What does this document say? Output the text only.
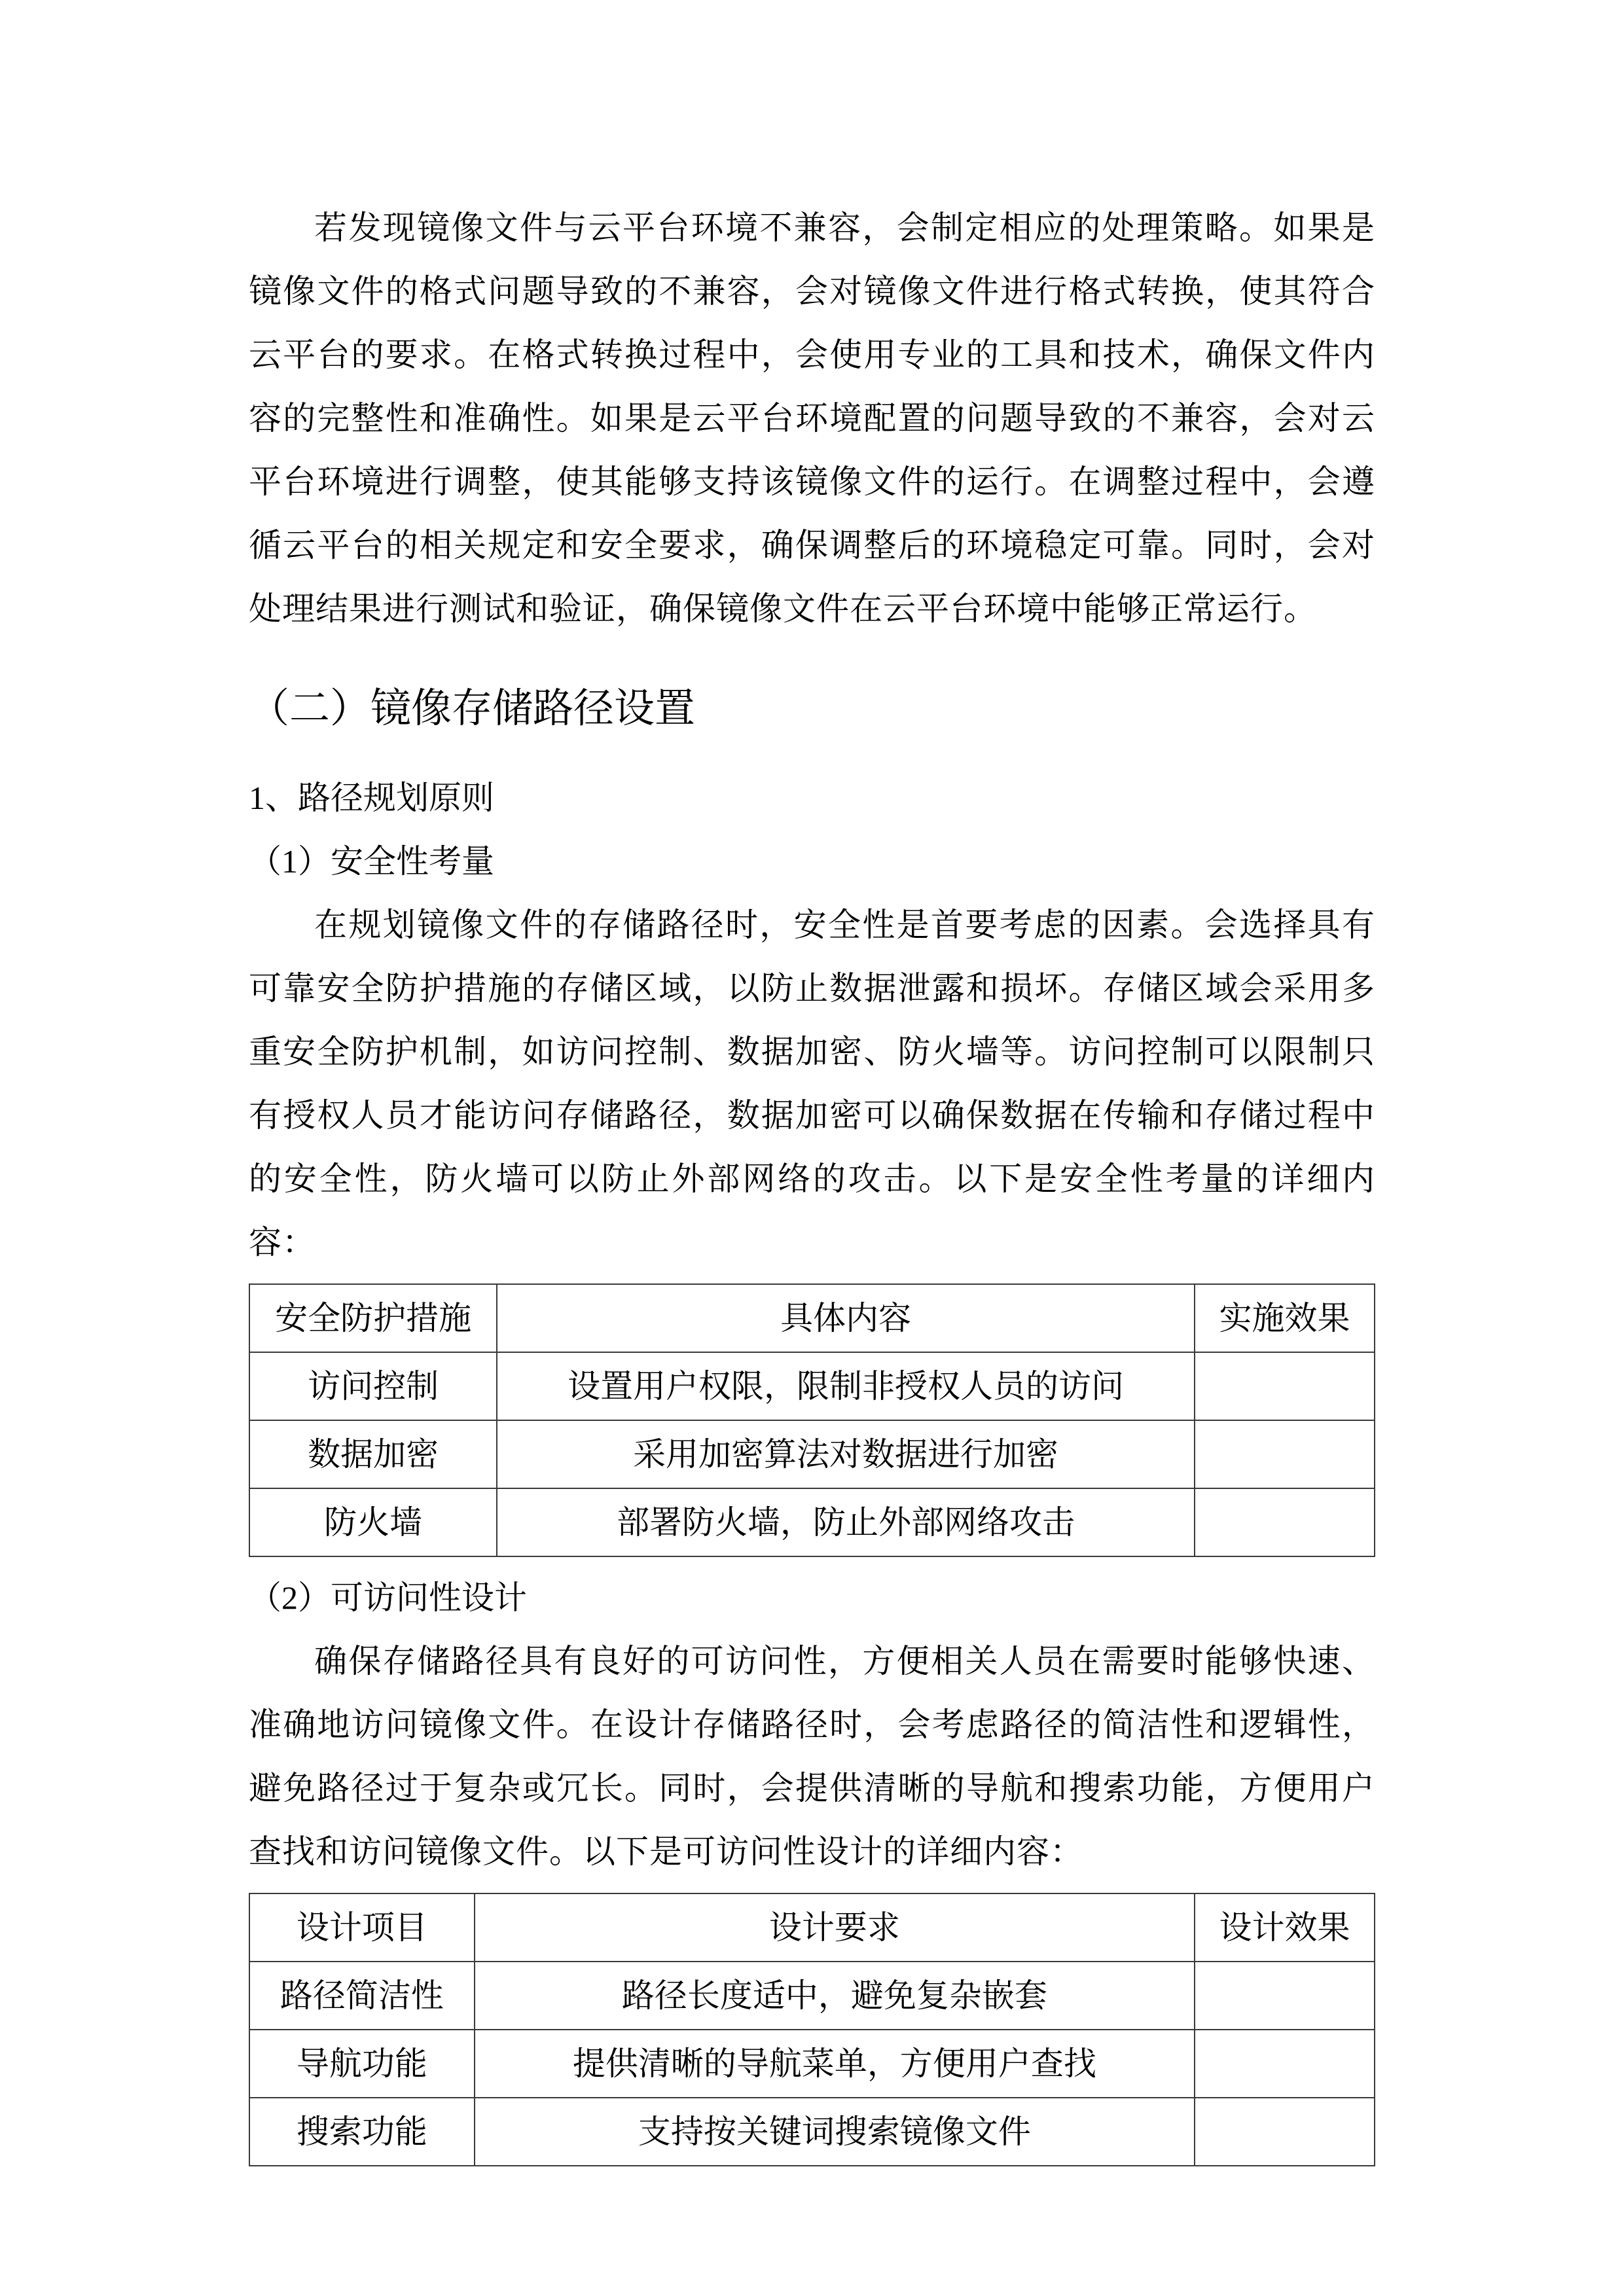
若发现镜像文件与云平台环境不兼容，会制定相应的处理策略。如果是镜像文件的格式问题导致的不兼容，会对镜像文件进行格式转换，使其符合云平台的要求。在格式转换过程中，会使用专业的工具和技术，确保文件内容的完整性和准确性。如果是云平台环境配置的问题导致的不兼容，会对云平台环境进行调整，使其能够支持该镜像文件的运行。在调整过程中，会遵循云平台的相关规定和安全要求，确保调整后的环境稳定可靠。同时，会对处理结果进行测试和验证，确保镜像文件在云平台环境中能够正常运行。

（二）镜像存储路径设置

1、路径规划原则

（1）安全性考量

在规划镜像文件的存储路径时，安全性是首要考虑的因素。会选择具有可靠安全防护措施的存储区域，以防止数据泄露和损坏。存储区域会采用多重安全防护机制，如访问控制、数据加密、防火墙等。访问控制可以限制只有授权人员才能访问存储路径，数据加密可以确保数据在传输和存储过程中的安全性，防火墙可以防止外部网络的攻击。以下是安全性考量的详细内容：

安全防护措施	具体内容	实施效果
访问控制	设置用户权限，限制非授权人员的访问	
数据加密	采用加密算法对数据进行加密	
防火墙	部署防火墙，防止外部网络攻击	

（2）可访问性设计

确保存储路径具有良好的可访问性，方便相关人员在需要时能够快速、准确地访问镜像文件。在设计存储路径时，会考虑路径的简洁性和逻辑性，避免路径过于复杂或冗长。同时，会提供清晰的导航和搜索功能，方便用户查找和访问镜像文件。以下是可访问性设计的详细内容：

设计项目	设计要求	设计效果
路径简洁性	路径长度适中，避免复杂嵌套	
导航功能	提供清晰的导航菜单，方便用户查找	
搜索功能	支持按关键词搜索镜像文件	
